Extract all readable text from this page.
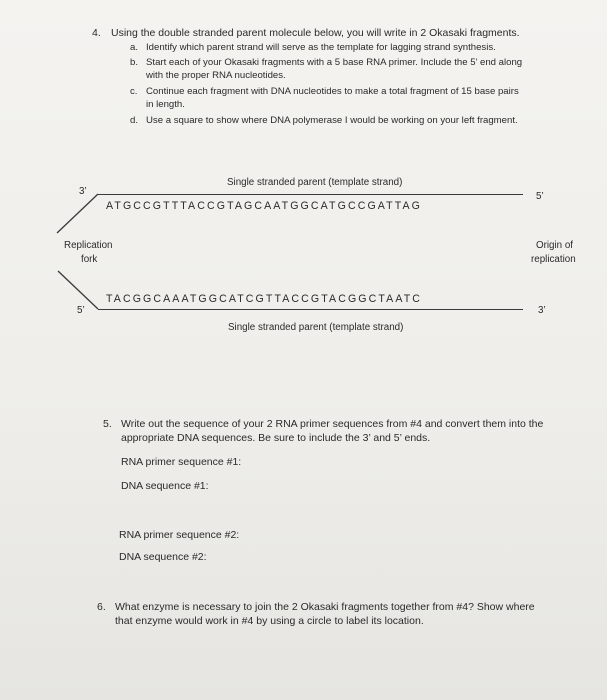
4. Using the double stranded parent molecule below, you will write in 2 Okasaki fragments.
a. Identify which parent strand will serve as the template for lagging strand synthesis.
b. Start each of your Okasaki fragments with a 5 base RNA primer. Include the 5’ end along
with the proper RNA nucleotides.
c. Continue each fragment with DNA nucleotides to make a total fragment of 15 base pairs
in length.
d. Use a square to show where DNA polymerase I would be working on your left fragment.
Single stranded parent (template strand)
3’	5’
ATGCCGTTTACCGTAGCAATGGCATGCCGATTAG
Replication
fork
Origin of
replication
TACGGCAAATGGCATCGTTACCGTACGGCTAATC
5’	3’
Single stranded parent (template strand)
5. Write out the sequence of your 2 RNA primer sequences from #4 and convert them into the
appropriate DNA sequences. Be sure to include the 3’ and 5’ ends.
RNA primer sequence #1:
DNA sequence #1:
RNA primer sequence #2:
DNA sequence #2:
6. What enzyme is necessary to join the 2 Okasaki fragments together from #4? Show where
that enzyme would work in #4 by using a circle to label its location.
